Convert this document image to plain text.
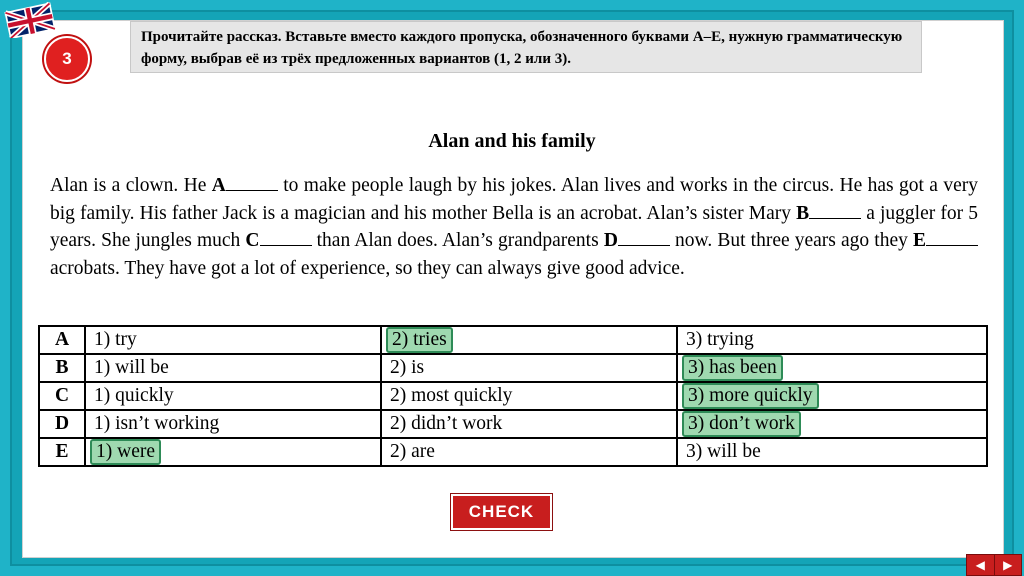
3
Прочитайте рассказ. Вставьте вместо каждого пропуска, обозначенного буквами A–E, нужную грамматическую форму, выбрав её из трёх предложенных вариантов (1, 2 или 3).
Alan and his family
Alan is a clown. He A	to make people laugh by his jokes. Alan lives and works in the circus. He has got a very big family. His father Jack is a magician and his mother Bella is an acrobat. Alan’s sister Mary B	a juggler for 5 years. She jungles much C	than Alan does. Alan’s grandparents D	now. But three years ago they E acrobats. They have got a lot of experience, so they can always give good advice.
A	1) try	2) tries	3) trying
B	1) will be	2) is	3) has been
C	1) quickly	2) most quickly	3) more quickly
D	1) isn’t working	2) didn’t work	3) don’t work
E	1) were	2) are	3) will be
CHECK
◀	▶
